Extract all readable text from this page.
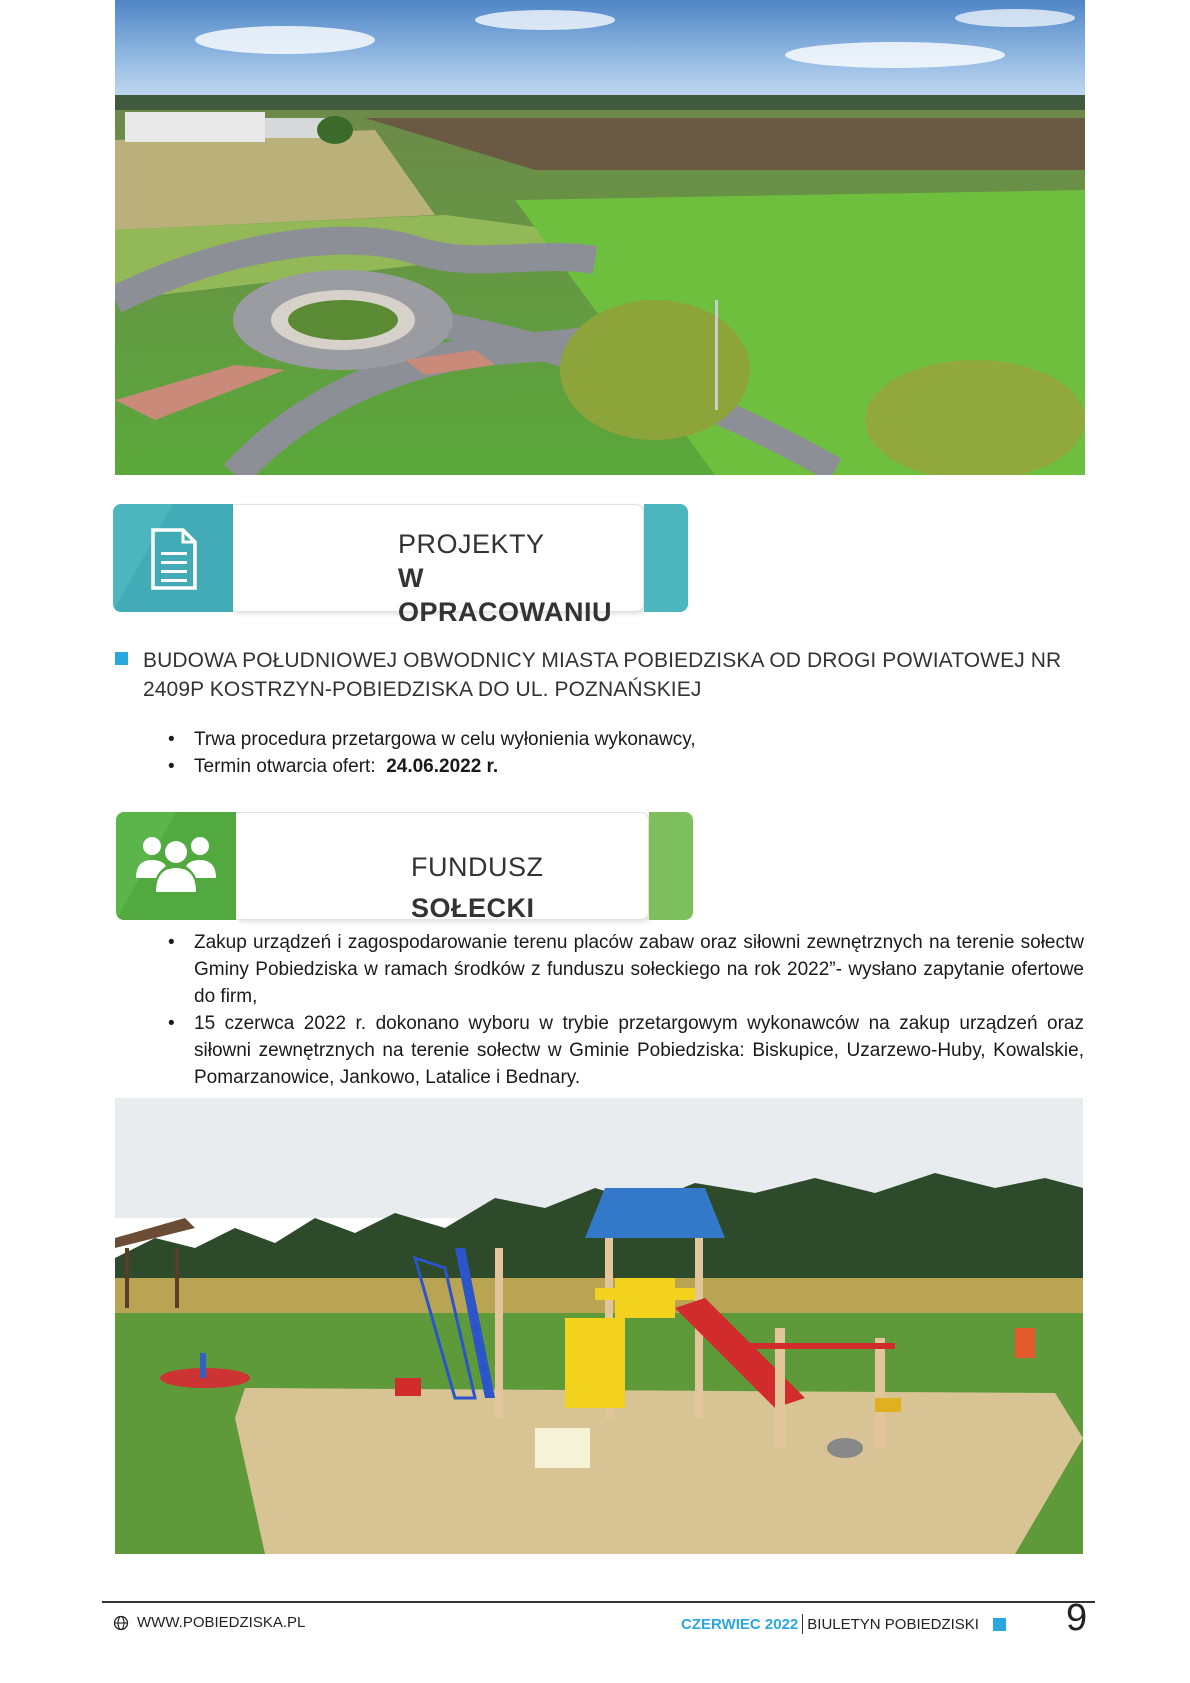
PROJEKTY
W OPRACOWANIU
BUDOWA POŁUDNIOWEJ OBWODNICY MIASTA POBIEDZISKA OD DROGI POWIATOWEJ NR 2409P KOSTRZYN-POBIEDZISKA DO UL. POZNAŃSKIEJ
• Trwa procedura przetargowa w celu wyłonienia wykonawcy,
• Termin otwarcia ofert: 24.06.2022 r.
FUNDUSZ SOŁECKI
• Zakup urządzeń i zagospodarowanie terenu placów zabaw oraz siłowni zewnętrznych na terenie sołectw Gminy Pobiedziska w ramach środków z funduszu sołeckiego na rok 2022”- wysłano zapytanie ofertowe do firm,
• 15 czerwca 2022 r. dokonano wyboru w trybie przetargowym wykonawców na zakup urządzeń oraz siłowni zewnętrznych na terenie sołectw w Gminie Pobiedziska: Biskupice, Uzarzewo-Huby, Kowalskie, Pomarzanowice, Jankowo, Latalice i Bednary.
WWW.POBIEDZISKA.PL	CZERWIEC 2022 BIULETYN POBIEDZISKI 9
